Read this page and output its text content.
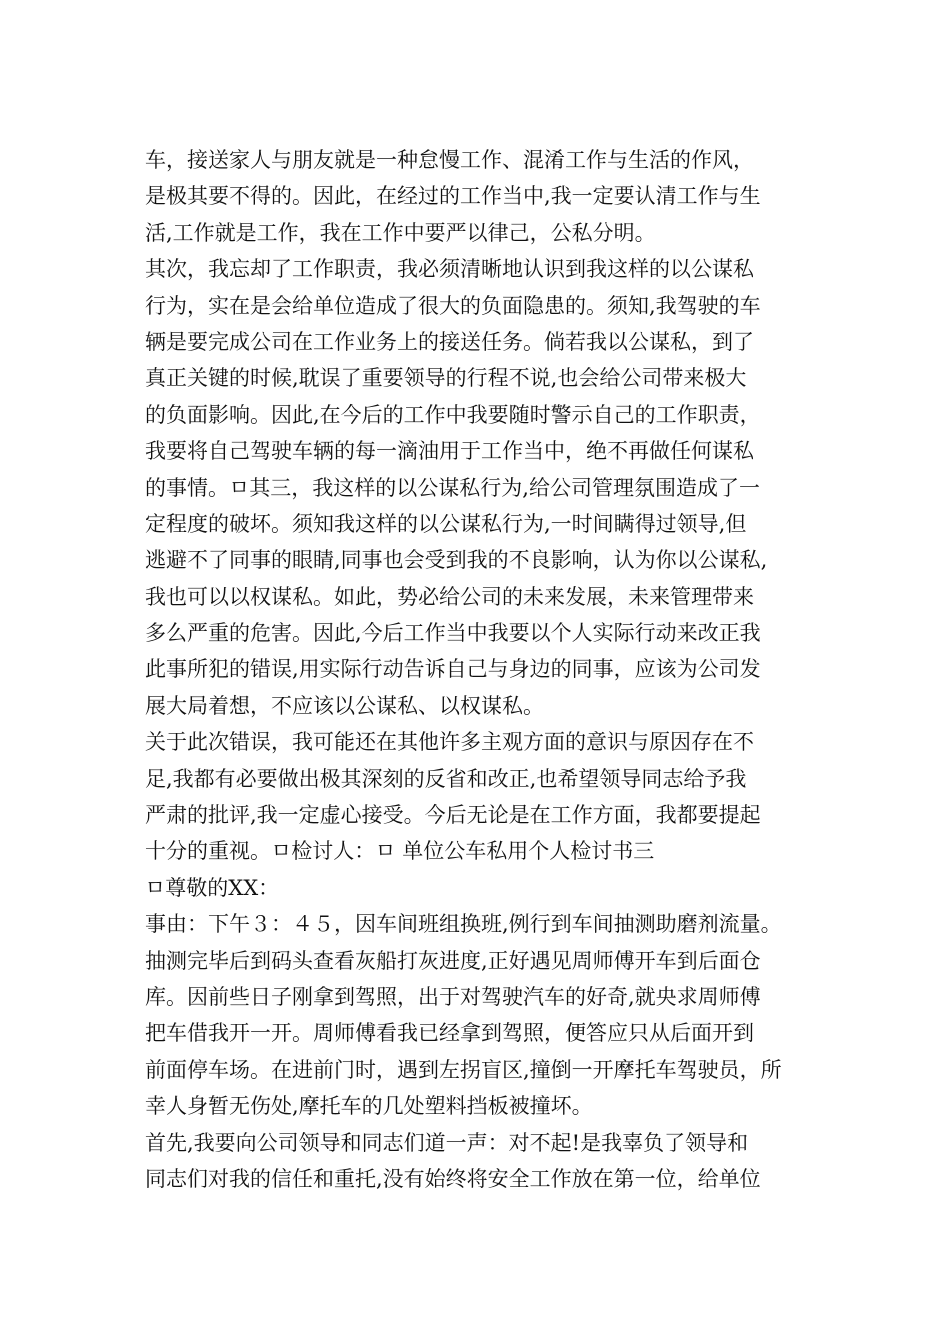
车，接送家人与朋友就是一种怠慢工作、混淆工作与生活的作风，
是极其要不得的。因此，在经过的工作当中,我一定要认清工作与生
活,工作就是工作，我在工作中要严以律己，公私分明。
其次，我忘却了工作职责，我必须清晰地认识到我这样的以公谋私
行为，实在是会给单位造成了很大的负面隐患的。须知,我驾驶的车
辆是要完成公司在工作业务上的接送任务。倘若我以公谋私，到了
真正关键的时候,耽误了重要领导的行程不说,也会给公司带来极大
的负面影响。因此,在今后的工作中我要随时警示自己的工作职责，
我要将自己驾驶车辆的每一滴油用于工作当中，绝不再做任何谋私
的事情。ㅁ其三，我这样的以公谋私行为,给公司管理氛围造成了一
定程度的破坏。须知我这样的以公谋私行为,一时间瞒得过领导,但
逃避不了同事的眼睛,同事也会受到我的不良影响，认为你以公谋私,
我也可以以权谋私。如此，势必给公司的未来发展，未来管理带来
多么严重的危害。因此,今后工作当中我要以个人实际行动来改正我
此事所犯的错误,用实际行动告诉自己与身边的同事，应该为公司发
展大局着想，不应该以公谋私、以权谋私。
关于此次错误，我可能还在其他许多主观方面的意识与原因存在不
足,我都有必要做出极其深刻的反省和改正,也希望领导同志给予我
严肃的批评,我一定虚心接受。今后无论是在工作方面，我都要提起
十分的重视。ㅁ检讨人：ㅁ 单位公车私用个人检讨书三
ㅁ尊敬的XX：
事由：下午３：４５，因车间班组换班,例行到车间抽测助磨剂流量。
抽测完毕后到码头查看灰船打灰进度,正好遇见周师傅开车到后面仓
库。因前些日子刚拿到驾照，出于对驾驶汽车的好奇,就央求周师傅
把车借我开一开。周师傅看我已经拿到驾照，便答应只从后面开到
前面停车场。在进前门时，遇到左拐盲区,撞倒一开摩托车驾驶员，所
幸人身暂无伤处,摩托车的几处塑料挡板被撞坏。
首先,我要向公司领导和同志们道一声：对不起!是我辜负了领导和
同志们对我的信任和重托,没有始终将安全工作放在第一位，给单位
